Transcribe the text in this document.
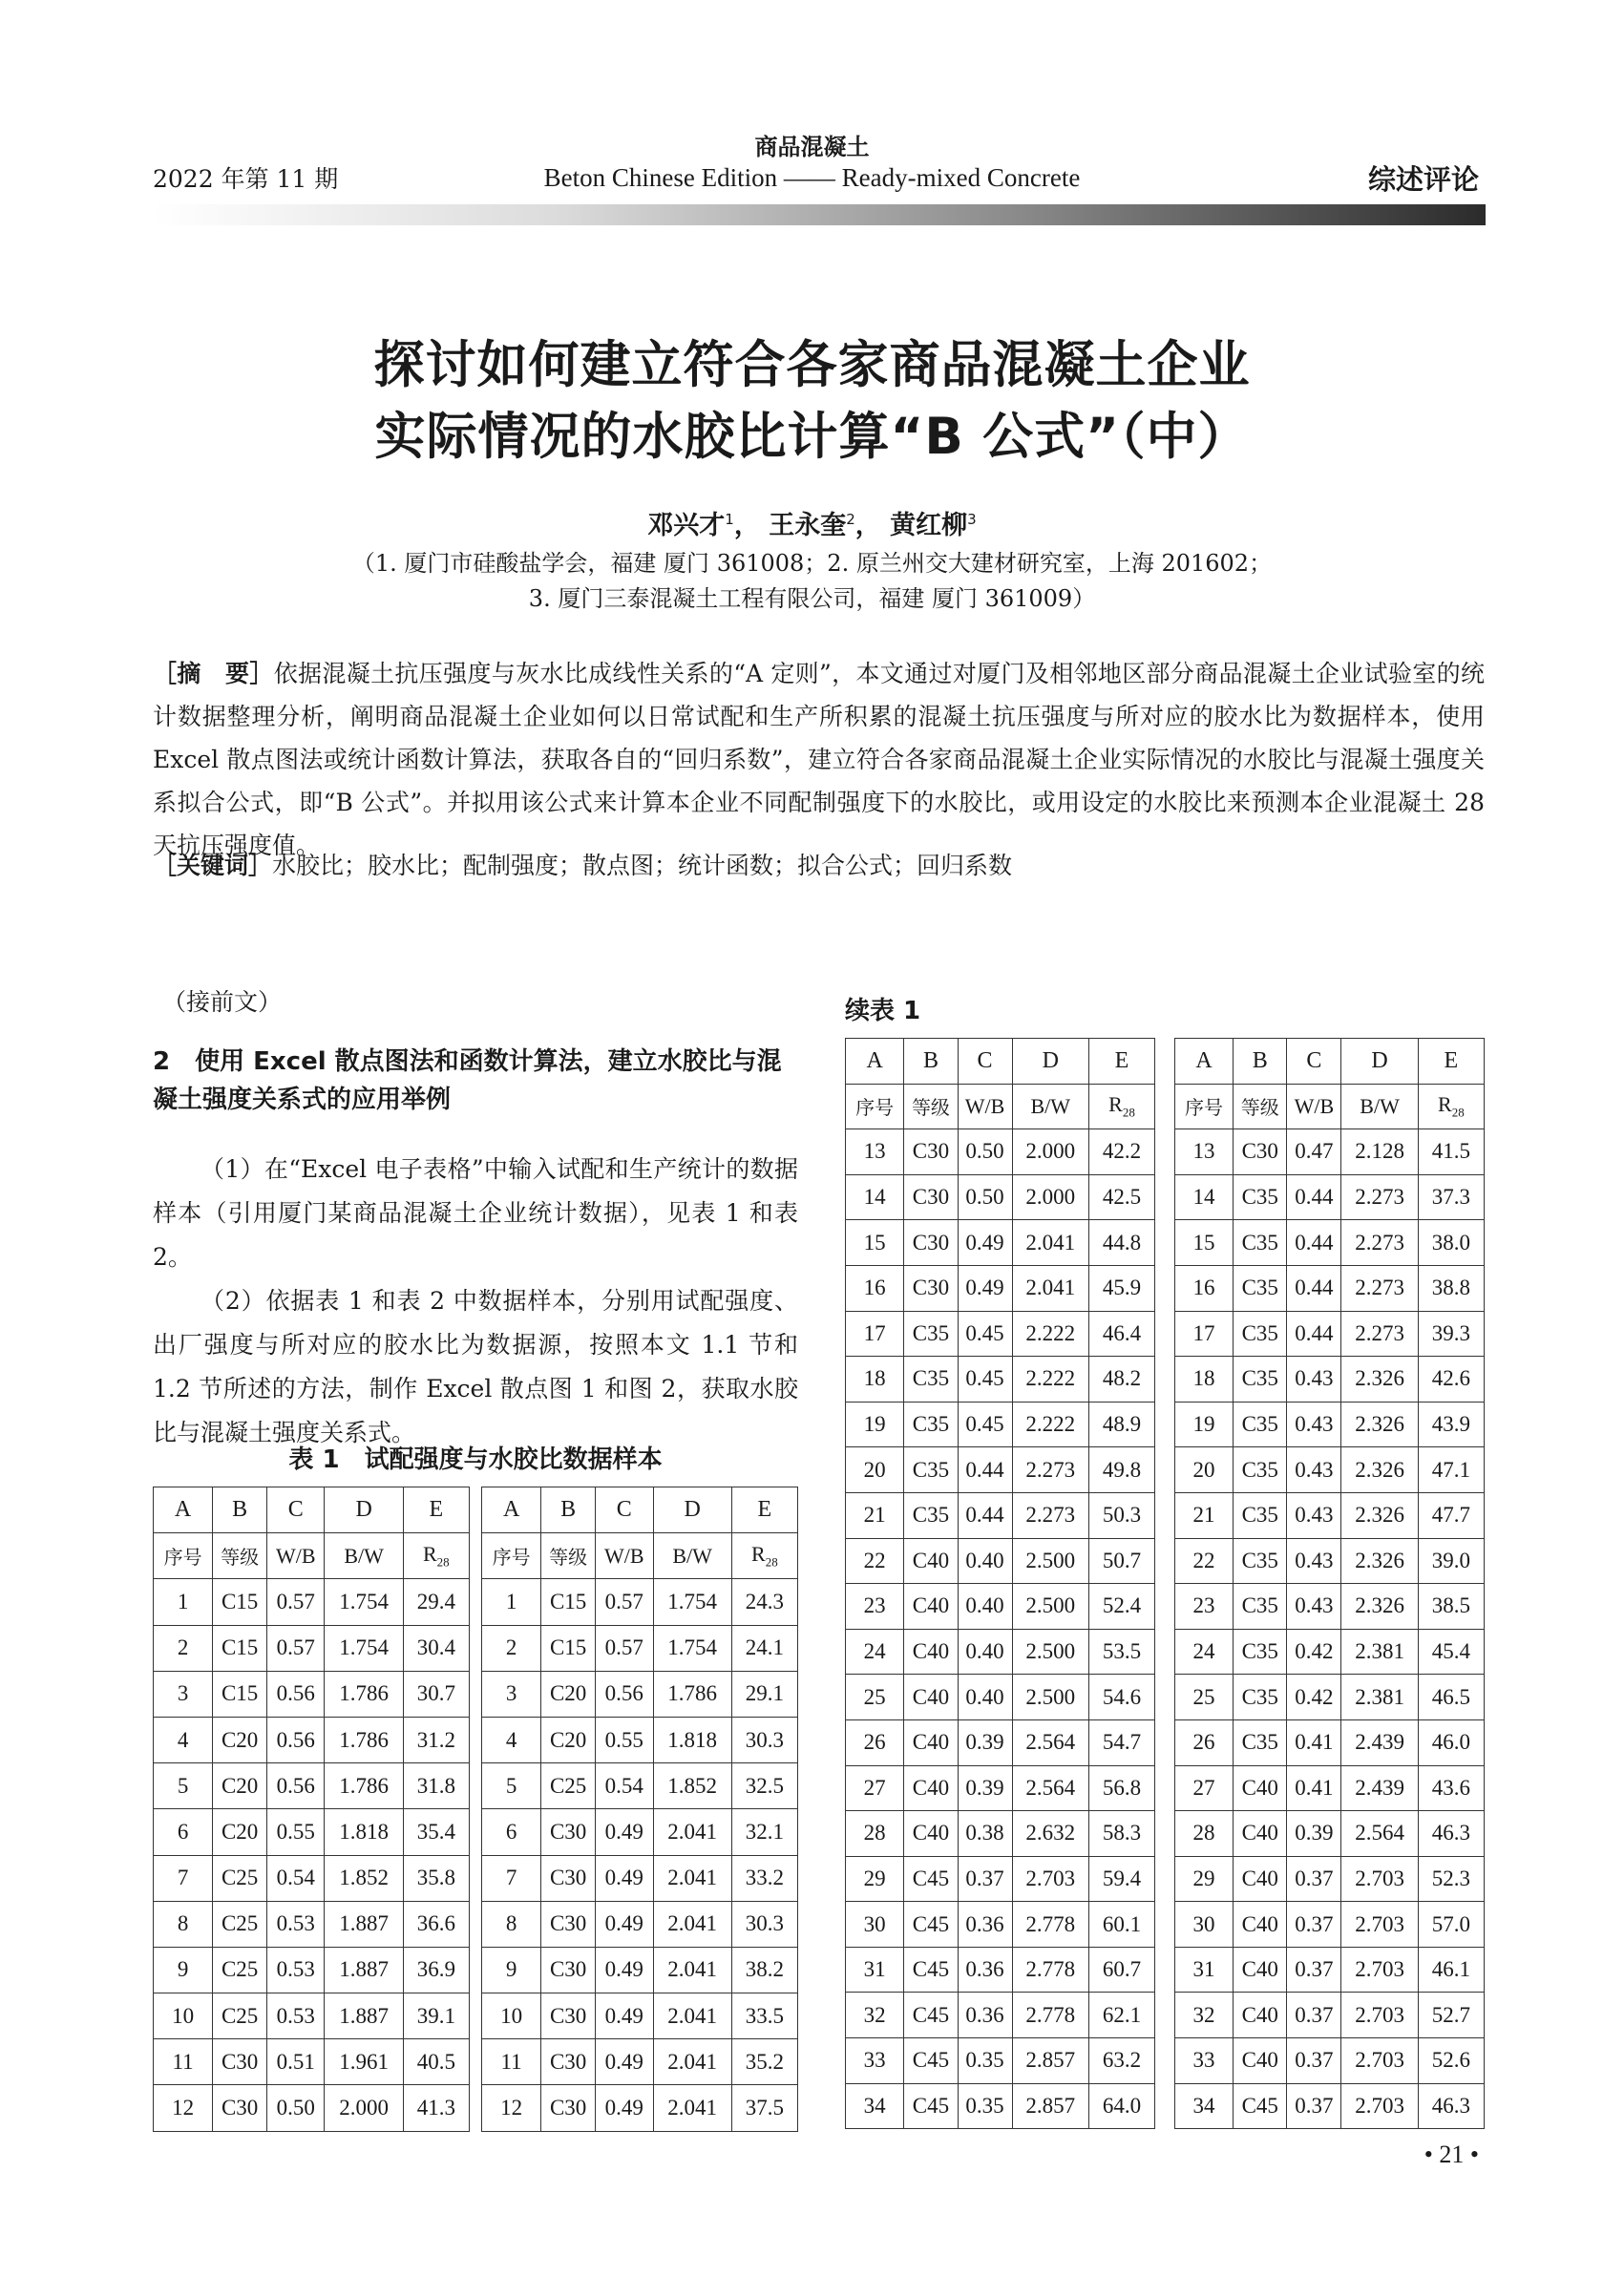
2022 年第 11 期
商品混凝土
Beton Chinese Edition —— Ready-mixed Concrete	综述评论
探讨如何建立符合各家商品混凝土企业
实际情况的水胶比计算“B 公式”（中）
邓兴才$^1$， 王永奎$^2$， 黄红柳$^3$
（1. 厦门市硅酸盐学会，福建 厦门 361008；2. 原兰州交大建材研究室，上海 201602；
3. 厦门三泰混凝土工程有限公司，福建 厦门 361009）
［摘　要］依据混凝土抗压强度与灰水比成线性关系的“A 定则”，本文通过对厦门及相邻地区部分商品混凝土企业试验室的统计数据整理分析，阐明商品混凝土企业如何以日常试配和生产所积累的混凝土抗压强度与所对应的胶水比为数据样本，使用 Excel 散点图法或统计函数计算法，获取各自的“回归系数”，建立符合各家商品混凝土企业实际情况的水胶比与混凝土强度关系拟合公式，即“B 公式”。并拟用该公式来计算本企业不同配制强度下的水胶比，或用设定的水胶比来预测本企业混凝土 28 天抗压强度值。
［关键词］水胶比；胶水比；配制强度；散点图；统计函数；拟合公式；回归系数
（接前文）
2　使用 Excel 散点图法和函数计算法，建立水胶比与混凝土强度关系式的应用举例

（1）在“Excel 电子表格”中输入试配和生产统计的数据样本（引用厦门某商品混凝土企业统计数据），见表 1 和表 2。

（2）依据表 1 和表 2 中数据样本，分别用试配强度、出厂强度与所对应的胶水比为数据源，按照本文 1.1 节和 1.2 节所述的方法，制作 Excel 散点图 1 和图 2，获取水胶比与混凝土强度关系式。

表 1　试配强度与水胶比数据样本
续表 1
A	B	C	D	E		A	B	C	D	E
序号	等级	W/B	B/W	$R_{28}$		序号	等级	W/B	B/W	$R_{28}$
1	C15	0.57	1.754	29.4		1	C15	0.57	1.754	24.3
2	C15	0.57	1.754	30.4		2	C15	0.57	1.754	24.1
3	C15	0.56	1.786	30.7		3	C20	0.56	1.786	29.1
4	C20	0.56	1.786	31.2		4	C20	0.55	1.818	30.3
5	C20	0.56	1.786	31.8		5	C25	0.54	1.852	32.5
6	C20	0.55	1.818	35.4		6	C30	0.49	2.041	32.1
7	C25	0.54	1.852	35.8		7	C30	0.49	2.041	33.2
8	C25	0.53	1.887	36.6		8	C30	0.49	2.041	30.3
9	C25	0.53	1.887	36.9		9	C30	0.49	2.041	38.2
10	C25	0.53	1.887	39.1		10	C30	0.49	2.041	33.5
11	C30	0.51	1.961	40.5		11	C30	0.49	2.041	35.2
12	C30	0.50	2.000	41.3		12	C30	0.49	2.041	37.5
A	B	C	D	E		A	B	C	D	E
序号	等级	W/B	B/W	$R_{28}$		序号	等级	W/B	B/W	$R_{28}$
13	C30	0.50	2.000	42.2		13	C30	0.47	2.128	41.5
14	C30	0.50	2.000	42.5		14	C35	0.44	2.273	37.3
15	C30	0.49	2.041	44.8		15	C35	0.44	2.273	38.0
16	C30	0.49	2.041	45.9		16	C35	0.44	2.273	38.8
17	C35	0.45	2.222	46.4		17	C35	0.44	2.273	39.3
18	C35	0.45	2.222	48.2		18	C35	0.43	2.326	42.6
19	C35	0.45	2.222	48.9		19	C35	0.43	2.326	43.9
20	C35	0.44	2.273	49.8		20	C35	0.43	2.326	47.1
21	C35	0.44	2.273	50.3		21	C35	0.43	2.326	47.7
22	C40	0.40	2.500	50.7		22	C35	0.43	2.326	39.0
23	C40	0.40	2.500	52.4		23	C35	0.43	2.326	38.5
24	C40	0.40	2.500	53.5		24	C35	0.42	2.381	45.4
25	C40	0.40	2.500	54.6		25	C35	0.42	2.381	46.5
26	C40	0.39	2.564	54.7		26	C35	0.41	2.439	46.0
27	C40	0.39	2.564	56.8		27	C40	0.41	2.439	43.6
28	C40	0.38	2.632	58.3		28	C40	0.39	2.564	46.3
29	C45	0.37	2.703	59.4		29	C40	0.37	2.703	52.3
30	C45	0.36	2.778	60.1		30	C40	0.37	2.703	57.0
31	C45	0.36	2.778	60.7		31	C40	0.37	2.703	46.1
32	C45	0.36	2.778	62.1		32	C40	0.37	2.703	52.7
33	C45	0.35	2.857	63.2		33	C40	0.37	2.703	52.6
34	C45	0.35	2.857	64.0		34	C45	0.37	2.703	46.3
• 21 •
